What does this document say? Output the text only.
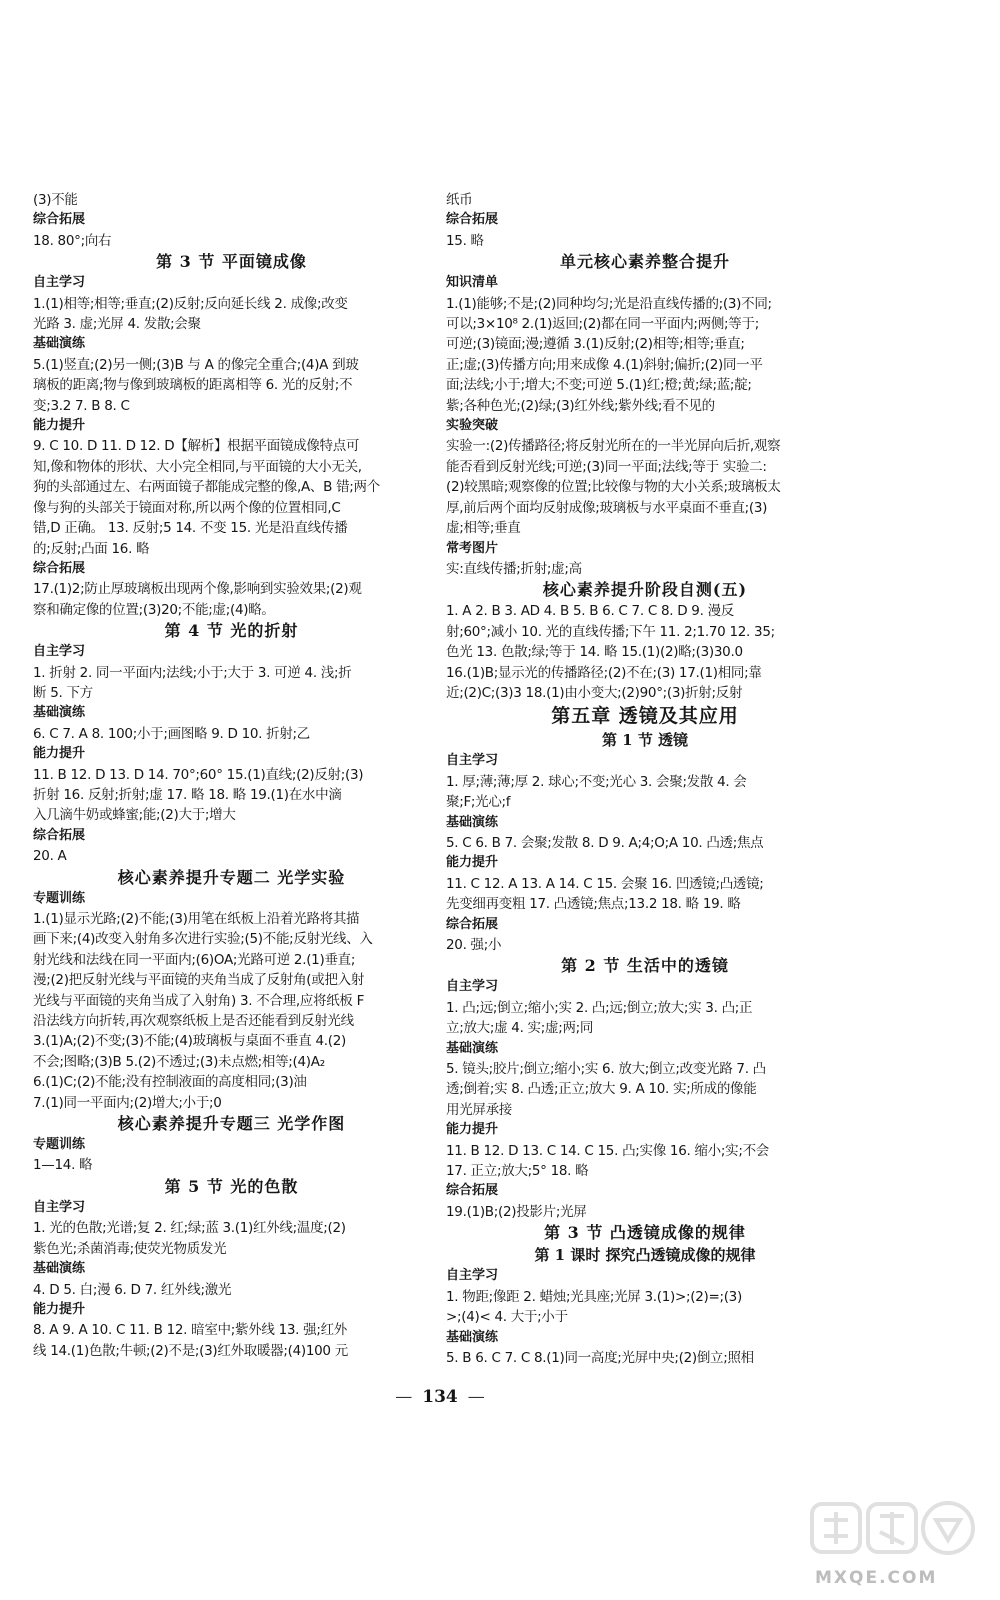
(3)不能
综合拓展
18. 80°;向右
第 3 节 平面镜成像
自主学习
1.(1)相等;相等;垂直;(2)反射;反向延长线 2. 成像;改变
光路 3. 虚;光屏 4. 发散;会聚
基础演练
5.(1)竖直;(2)另一侧;(3)B 与 A 的像完全重合;(4)A 到玻
璃板的距离;物与像到玻璃板的距离相等 6. 光的反射;不
变;3.2 7. B 8. C
能力提升
9. C 10. D 11. D 12. D【解析】根据平面镜成像特点可
知,像和物体的形状、大小完全相同,与平面镜的大小无关,
狗的头部通过左、右两面镜子都能成完整的像,A、B 错;两个
像与狗的头部关于镜面对称,所以两个像的位置相同,C
错,D 正确。 13. 反射;5 14. 不变 15. 光是沿直线传播
的;反射;凸面 16. 略
综合拓展
17.(1)2;防止厚玻璃板出现两个像,影响到实验效果;(2)观
察和确定像的位置;(3)20;不能;虚;(4)略。
第 4 节 光的折射
自主学习
1. 折射 2. 同一平面内;法线;小于;大于 3. 可逆 4. 浅;折
断 5. 下方
基础演练
6. C 7. A 8. 100;小于;画图略 9. D 10. 折射;乙
能力提升
11. B 12. D 13. D 14. 70°;60° 15.(1)直线;(2)反射;(3)
折射 16. 反射;折射;虚 17. 略 18. 略 19.(1)在水中滴
入几滴牛奶或蜂蜜;能;(2)大于;增大
综合拓展
20. A
核心素养提升专题二 光学实验
专题训练
1.(1)显示光路;(2)不能;(3)用笔在纸板上沿着光路将其描
画下来;(4)改变入射角多次进行实验;(5)不能;反射光线、入
射光线和法线在同一平面内;(6)OA;光路可逆 2.(1)垂直;
漫;(2)把反射光线与平面镜的夹角当成了反射角(或把入射
光线与平面镜的夹角当成了入射角) 3. 不合理,应将纸板 F
沿法线方向折转,再次观察纸板上是否还能看到反射光线
3.(1)A;(2)不变;(3)不能;(4)玻璃板与桌面不垂直 4.(2)
不会;图略;(3)B 5.(2)不透过;(3)未点燃;相等;(4)A₂
6.(1)C;(2)不能;没有控制液面的高度相同;(3)油
7.(1)同一平面内;(2)增大;小于;0
核心素养提升专题三 光学作图
专题训练
1—14. 略
第 5 节 光的色散
自主学习
1. 光的色散;光谱;复 2. 红;绿;蓝 3.(1)红外线;温度;(2)
紫色光;杀菌消毒;使荧光物质发光
基础演练
4. D 5. 白;漫 6. D 7. 红外线;激光
能力提升
8. A 9. A 10. C 11. B 12. 暗室中;紫外线 13. 强;红外
线 14.(1)色散;牛顿;(2)不是;(3)红外取暖器;(4)100 元
纸币
综合拓展
15. 略
单元核心素养整合提升
知识清单
1.(1)能够;不是;(2)同种均匀;光是沿直线传播的;(3)不同;
可以;3×10⁸ 2.(1)返回;(2)都在同一平面内;两侧;等于;
可逆;(3)镜面;漫;遵循 3.(1)反射;(2)相等;相等;垂直;
正;虚;(3)传播方向;用来成像 4.(1)斜射;偏折;(2)同一平
面;法线;小于;增大;不变;可逆 5.(1)红;橙;黄;绿;蓝;靛;
紫;各种色光;(2)绿;(3)红外线;紫外线;看不见的
实验突破
实验一:(2)传播路径;将反射光所在的一半光屏向后折,观察
能否看到反射光线;可逆;(3)同一平面;法线;等于 实验二:
(2)较黑暗;观察像的位置;比较像与物的大小关系;玻璃板太
厚,前后两个面均反射成像;玻璃板与水平桌面不垂直;(3)
虚;相等;垂直
常考图片
实:直线传播;折射;虚;高
核心素养提升阶段自测(五)
1. A 2. B 3. AD 4. B 5. B 6. C 7. C 8. D 9. 漫反
射;60°;减小 10. 光的直线传播;下午 11. 2;1.70 12. 35;
色光 13. 色散;绿;等于 14. 略 15.(1)(2)略;(3)30.0
16.(1)B;显示光的传播路径;(2)不在;(3) 17.(1)相同;靠
近;(2)C;(3)3 18.(1)由小变大;(2)90°;(3)折射;反射
第五章 透镜及其应用
第 1 节 透镜
自主学习
1. 厚;薄;薄;厚 2. 球心;不变;光心 3. 会聚;发散 4. 会
聚;F;光心;f
基础演练
5. C 6. B 7. 会聚;发散 8. D 9. A;4;O;A 10. 凸透;焦点
能力提升
11. C 12. A 13. A 14. C 15. 会聚 16. 凹透镜;凸透镜;
先变细再变粗 17. 凸透镜;焦点;13.2 18. 略 19. 略
综合拓展
20. 强;小
第 2 节 生活中的透镜
自主学习
1. 凸;远;倒立;缩小;实 2. 凸;远;倒立;放大;实 3. 凸;正
立;放大;虚 4. 实;虚;两;同
基础演练
5. 镜头;胶片;倒立;缩小;实 6. 放大;倒立;改变光路 7. 凸
透;倒着;实 8. 凸透;正立;放大 9. A 10. 实;所成的像能
用光屏承接
能力提升
11. B 12. D 13. C 14. C 15. 凸;实像 16. 缩小;实;不会
17. 正立;放大;5° 18. 略
综合拓展
19.(1)B;(2)投影片;光屏
第 3 节 凸透镜成像的规律
第 1 课时 探究凸透镜成像的规律
自主学习
1. 物距;像距 2. 蜡烛;光具座;光屏 3.(1)>;(2)=;(3)
>;(4)< 4. 大于;小于
基础演练
5. B 6. C 7. C 8.(1)同一高度;光屏中央;(2)倒立;照相
— 134 —
MXQE.COM
